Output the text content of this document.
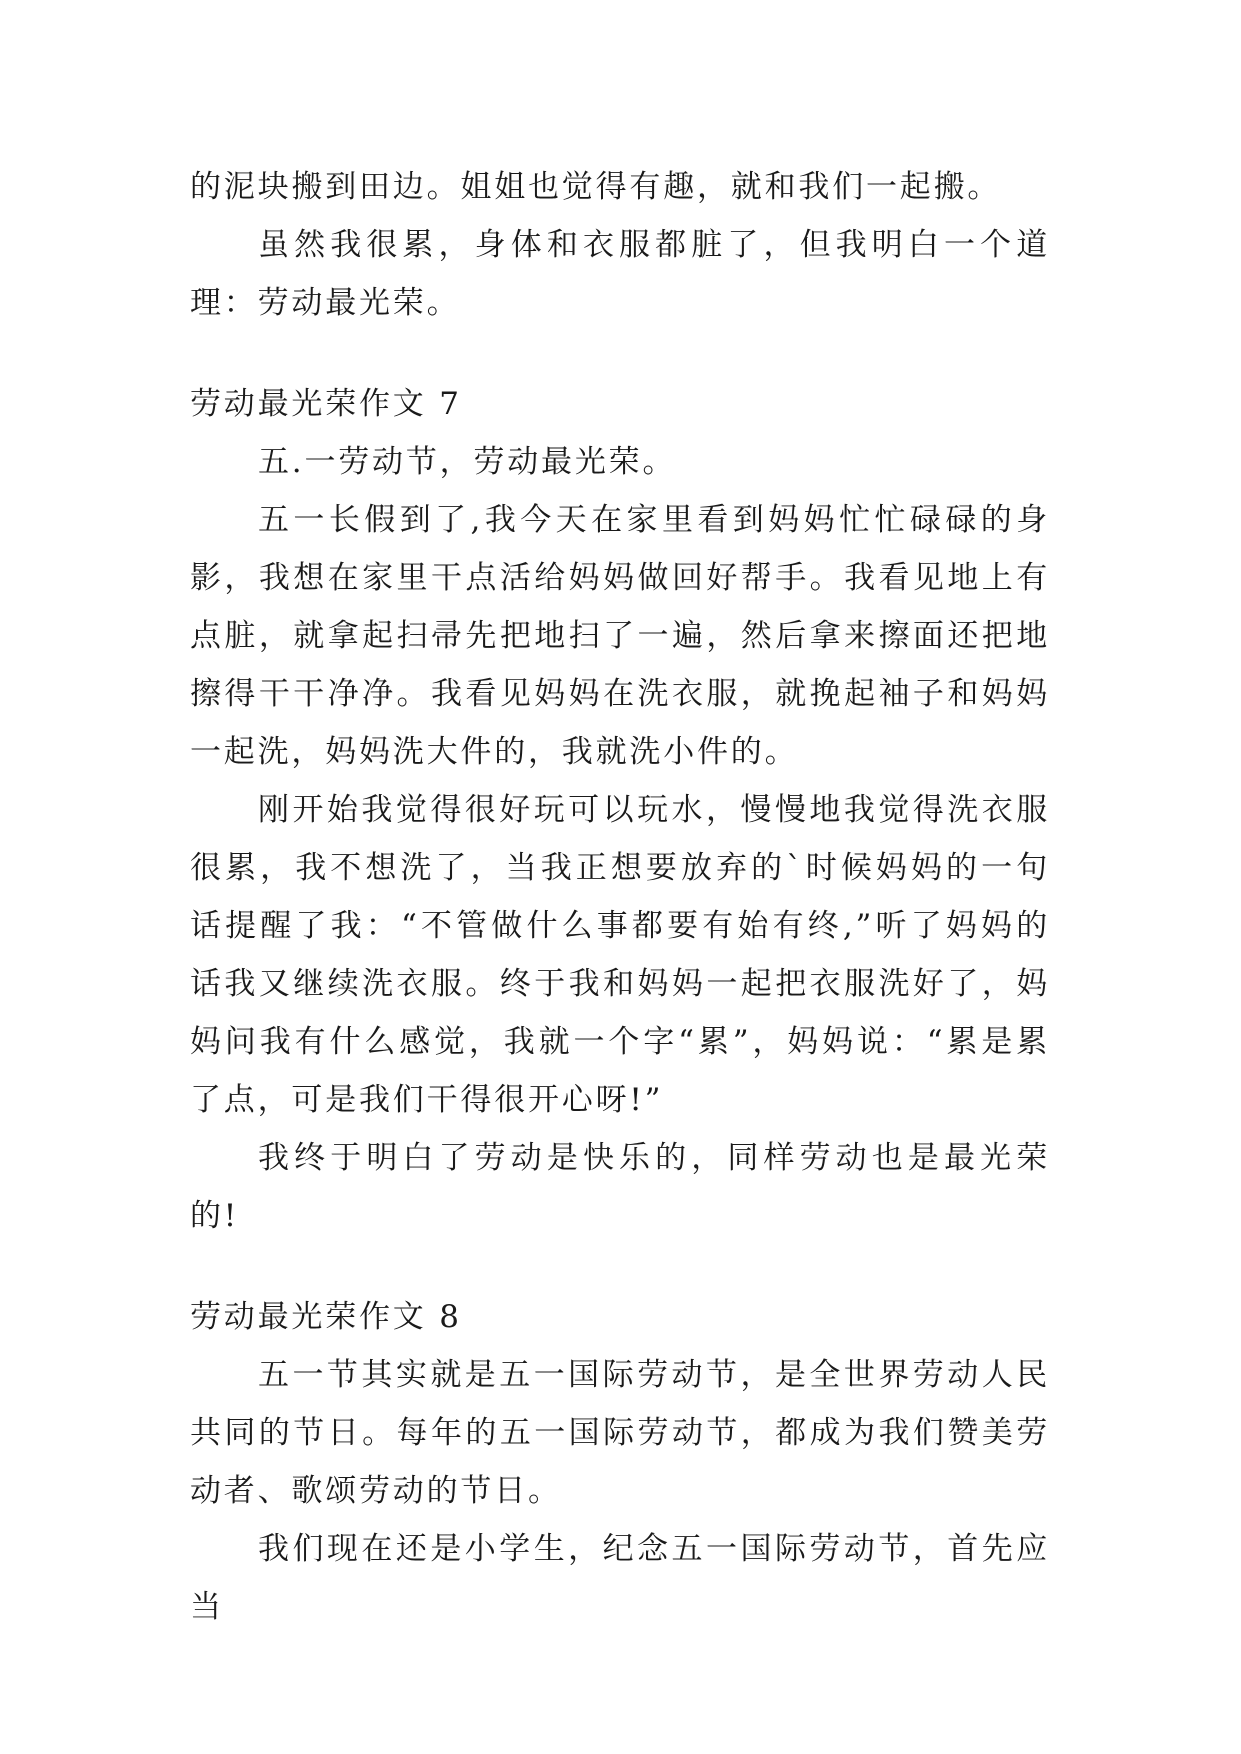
的泥块搬到田边。姐姐也觉得有趣，就和我们一起搬。

虽然我很累，身体和衣服都脏了，但我明白一个道理：劳动最光荣。

劳动最光荣作文 7

五.一劳动节，劳动最光荣。

五一长假到了,我今天在家里看到妈妈忙忙碌碌的身影，我想在家里干点活给妈妈做回好帮手。我看见地上有点脏，就拿起扫帚先把地扫了一遍，然后拿来擦面还把地擦得干干净净。我看见妈妈在洗衣服，就挽起袖子和妈妈一起洗，妈妈洗大件的，我就洗小件的。

刚开始我觉得很好玩可以玩水，慢慢地我觉得洗衣服很累，我不想洗了，当我正想要放弃的`时候妈妈的一句话提醒了我：“不管做什么事都要有始有终,”听了妈妈的话我又继续洗衣服。终于我和妈妈一起把衣服洗好了，妈妈问我有什么感觉，我就一个字“累”，妈妈说：“累是累了点，可是我们干得很开心呀!”

我终于明白了劳动是快乐的，同样劳动也是最光荣的!

劳动最光荣作文 8

五一节其实就是五一国际劳动节，是全世界劳动人民共同的节日。每年的五一国际劳动节，都成为我们赞美劳动者、歌颂劳动的节日。

我们现在还是小学生，纪念五一国际劳动节，首先应当
